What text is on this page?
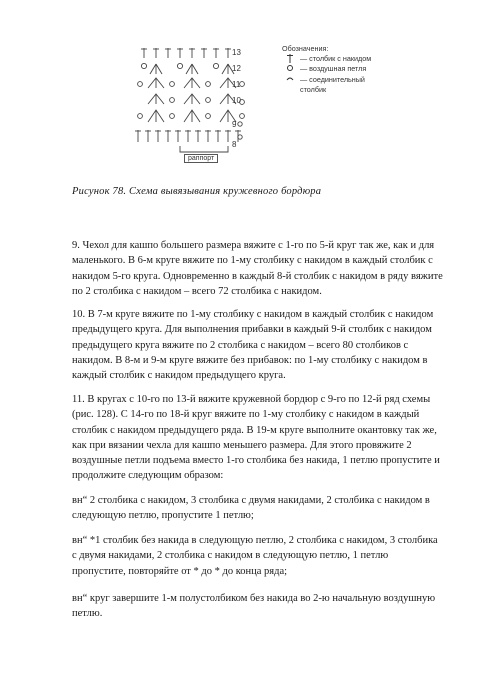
13
12
11
10
9
8
Обозначения:
— столбик с накидом
— воздушная петля
— соединительный
столбик
раппорт
Рисунок 78. Схема вывязывания кружевного бордюра

9. Чехол для кашпо большего размера вяжите с 1-го по 5-й круг так же, как и для маленького. В 6-м круге вяжите по 1-му столбику с накидом в каждый столбик с накидом 5-го круга. Одновременно в каждый 8-й столбик с накидом в ряду вяжите по 2 столбика с накидом – всего 72 столбика с накидом.

10. В 7-м круге вяжите по 1-му столбику с накидом в каждый столбик с накидом предыдущего круга. Для выполнения прибавки в каждый 9-й столбик с накидом предыдущего круга вяжите по 2 столбика с накидом – всего 80 столбиков с накидом. В 8-м и 9-м круге вяжите без прибавок: по 1-му столбику с накидом в каждый столбик с накидом предыдущего круга.

11. В кругах с 10-го по 13-й вяжите кружевной бордюр с 9-го по 12-й ряд схемы (рис. 128). С 14-го по 18-й круг вяжите по 1-му столбику с накидом в каждый столбик с накидом предыдущего ряда. В 19-м круге выполните окантовку так же, как при вязании чехла для кашпо меньшего размера. Для этого провяжите 2 воздушные петли подъема вместо 1-го столбика без накида, 1 петлю пропустите и продолжите следующим образом:

вн“ 2 столбика с накидом, 3 столбика с двумя накидами, 2 столбика с накидом в следующую петлю, пропустите 1 петлю;

вн“ *1 столбик без накида в следующую петлю, 2 столбика с накидом, 3 столбика с двумя накидами, 2 столбика с накидом в следующую петлю, 1 петлю пропустите, повторяйте от * до * до конца ряда;

вн“ круг завершите 1-м полустолбиком без накида во 2-ю начальную воздушную петлю.
